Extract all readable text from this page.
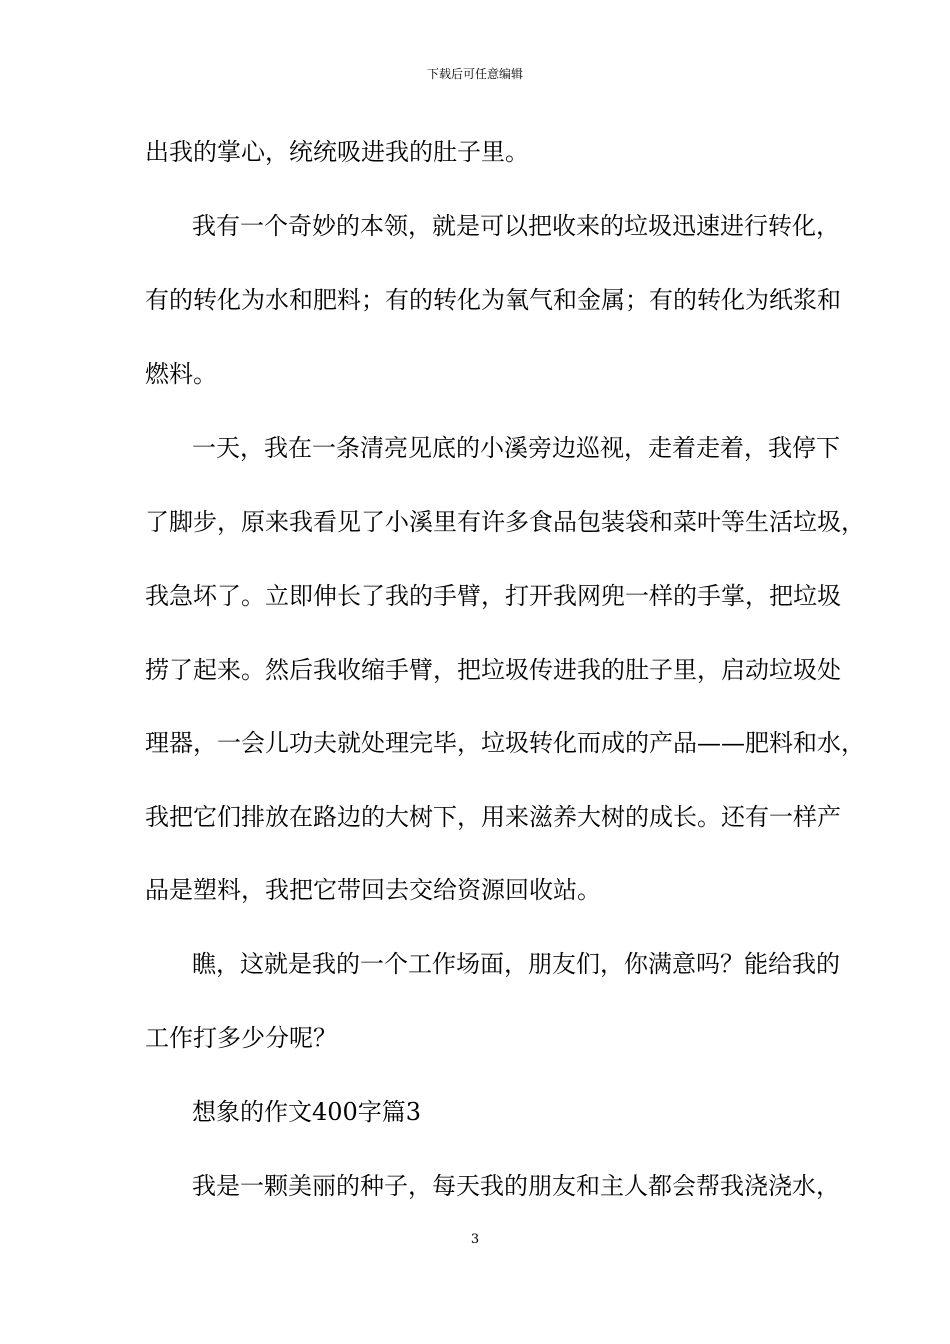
下载后可任意编辑
出我的掌心，统统吸进我的肚子里。
我有一个奇妙的本领，就是可以把收来的垃圾迅速进行转化，
有的转化为水和肥料；有的转化为氧气和金属；有的转化为纸浆和
燃料。
一天，我在一条清亮见底的小溪旁边巡视，走着走着，我停下
了脚步，原来我看见了小溪里有许多食品包装袋和菜叶等生活垃圾，
我急坏了。立即伸长了我的手臂，打开我网兜一样的手掌，把垃圾
捞了起来。然后我收缩手臂，把垃圾传进我的肚子里，启动垃圾处
理器，一会儿功夫就处理完毕，垃圾转化而成的产品——肥料和水，
我把它们排放在路边的大树下，用来滋养大树的成长。还有一样产
品是塑料，我把它带回去交给资源回收站。
瞧，这就是我的一个工作场面，朋友们，你满意吗？能给我的
工作打多少分呢？
想象的作文400字篇3
我是一颗美丽的种子，每天我的朋友和主人都会帮我浇浇水，
3
